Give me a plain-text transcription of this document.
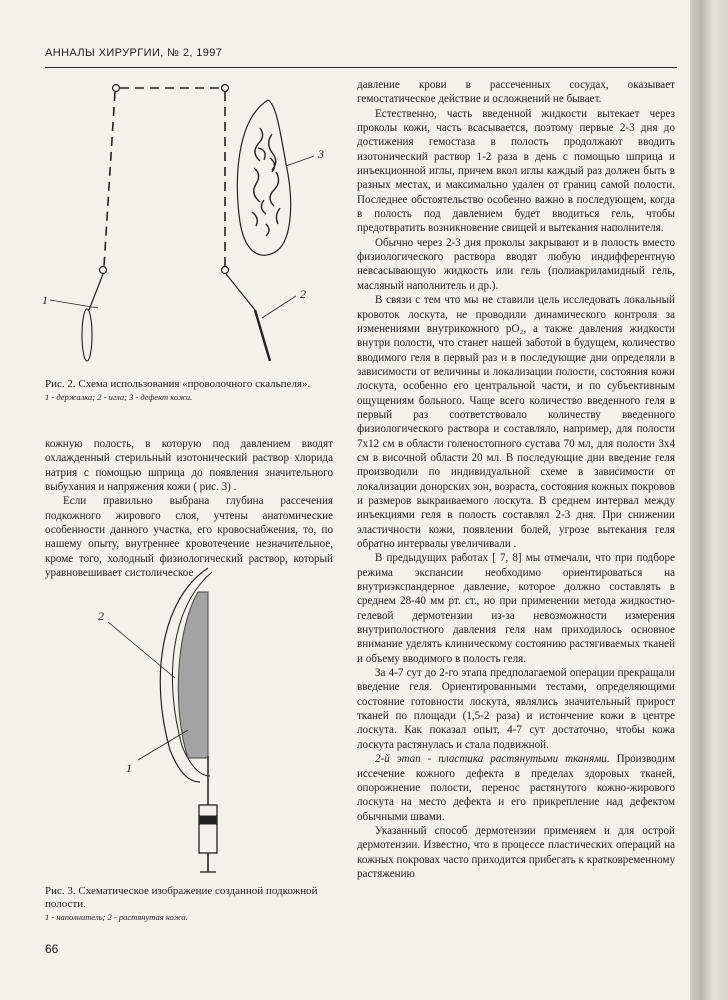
АННАЛЫ ХИРУРГИИ, № 2, 1997
3
1	2
Рис. 2. Схема использования «проволочного скальпеля».
1 - держалка; 2 - игла; 3 - дефект кожи.

кожную полость, в которую под давлением вводят охлажденный стерильный изотонический раствор хлорида натрия с помощью шприца до появления значительного выбухания и напряжения кожи ( рис. 3) .

Если правильно выбрана глубина рассечения подкожного жирового слоя, учтены анатомические особенности данного участка, его кровоснабжения, то, по нашему опыту, внутреннее кровотечение незначительное, кроме того, холодный физиологический раствор, который уравновешивает систолическое

2
1
Рис. 3. Схематическое изображение созданной подкожной полости.
1 - наполнитель; 2 - растянутая кожа.

давление крови в рассеченных сосудах, оказывает гемостатическое действие и осложнений не бывает.

Естественно, часть введенной жидкости вытекает через проколы кожи, часть всасывается, поэтому первые 2-3 дня до достижения гемостаза в полость продолжают вводить изотонический раствор 1-2 раза в день с помощью шприца и инъекционной иглы, причем вкол иглы каждый раз должен быть в разных местах, и максимально удален от границ самой полости. Последнее обстоятельство особенно важно в последующем, когда в полость под давлением будет вводиться гель, чтобы предотвратить возникновение свищей и вытекания наполнителя.

Обычно через 2-3 дня проколы закрывают и в полость вместо физиологического раствора вводят любую индифферентную невсасывающую жидкость или гель (полиакриламидный гель, масляный наполнитель и др.).

В связи с тем что мы не ставили цель исследовать локальный кровоток лоскута, не проводили динамического контроля за изменениями внутрикожного pO₂, а также давления жидкости внутри полости, что станет нашей заботой в будущем, количество вводимого геля в первый раз и в последующие дни определяли в зависимости от величины и локализации полости, состояния кожи лоскута, особенно его центральной части, и по субъективным ощущениям больного. Чаще всего количество введенного геля в первый раз соответствовало количеству введенного физиологического раствора и составляло, например, для полости 7х12 см в области голеностопного сустава 70 мл, для полости 3х4 см в височной области 20 мл. В последующие дни введение геля производили по индивидуальной схеме в зависимости от локализации донорских зон, возраста, состояния кожных покровов и размеров выкраиваемого лоскута. В среднем интервал между инъекциями геля в полость составлял 2-3 дня. При снижении эластичности кожи, появлении болей, угрозе вытекания геля обратно интервалы увеличивали .

В предыдущих работах [ 7, 8] мы отмечали, что при подборе режима экспансии необходимо ориентироваться на внутриэкспандерное давление, которое должно составлять в среднем 28-40 мм рт. ст., но при применении метода жидкостно-гелевой дермотензии из-за невозможности измерения внутриполостного давления геля нам приходилось основное внимание уделять клиническому состоянию растягиваемых тканей и объему вводимого в полость геля.

За 4-7 сут до 2-го этапа предполагаемой операции прекращали введение геля. Ориентированными тестами, определяющими состояние готовности лоскута, являлись значительный прирост тканей по площади (1,5-2 раза) и истончение кожи в центре лоскута. Как показал опыт, 4-7 сут достаточно, чтобы кожа лоскута растянулась и стала подвижной.

2-й этап - пластика растянутыми тканями. Производим иссечение кожного дефекта в пределах здоровых тканей, опорожнение полости, перенос растянутого кожно-жирового лоскута на место дефекта и его прикрепление над дефектом обычными швами.

Указанный способ дермотензии применяем и для острой дермотензии. Известно, что в процессе пластических операций на кожных покровах часто приходится прибегать к кратковременному растяжению

66
